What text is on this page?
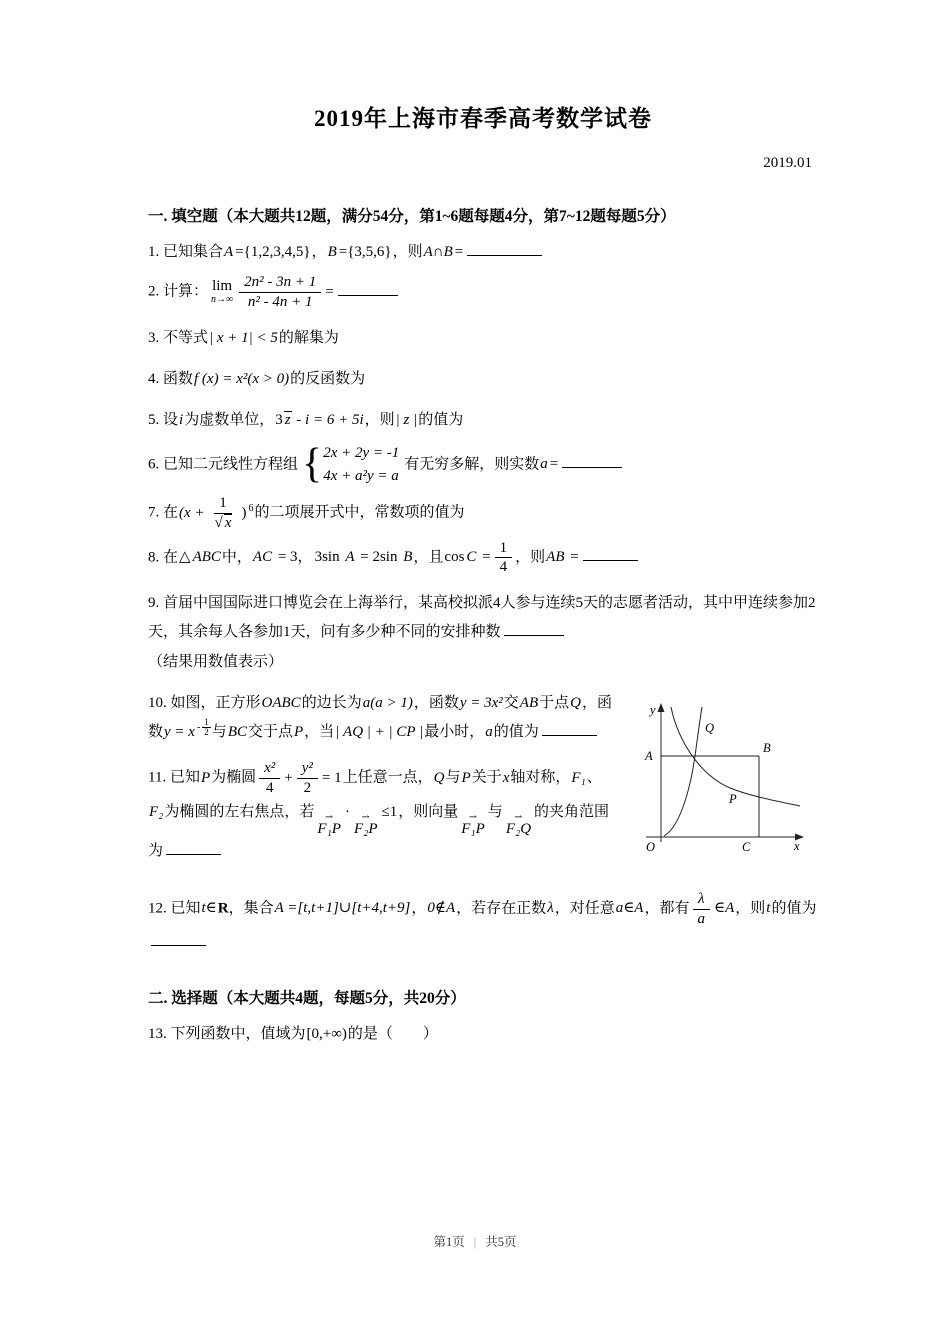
2019年上海市春季高考数学试卷
2019.01
一. 填空题（本大题共12题，满分54分，第1~6题每题4分，第7~12题每题5分）

1. 已知集合A ={1,2,3,4,5}，B ={3,5,6}，则A∩B =

2. 计算： lim
$n\to\infty \frac{\text{2n² - 3n + 1}}{\text{n² - 4n + 1}}$ =

3. 不等式| x + 1| < 5的解集为

4. 函数f (x) = x²(x > 0)的反函数为

5. 设i为虚数单位，3 z - i = 6 + 5i，则| z |的值为

6. 已知二元线性方程组 { 2x + 2y = -1
4x + a²y = a
有无穷多解，则实数a =

7. 在($x + \frac{1}{√ x}$ ) $^6$的二项展开式中，常数项的值为

8. 在△ ABC中，AC = 3， 3sin A = 2sin B，且$\cos C = \frac{1}{4}$ ，则AB =

9. 首届中国国际进口博览会在上海举行，某高校拟派4人参与连续5天的志愿者活动，其中甲连续参加2天，其余每人各参加1天，问有多少种不同的安排种数
（结果用数值表示）

y
x
O
A
B
C
P
Q

10. 如图，正方形OABC的边长为a(a > 1)，函数y = 3x²交AB于点Q，函数y = x $^{- \frac{1}{2}}$ 与BC交于点P，当| AQ | + | CP |最小时，a的值为

11. 已知P为椭圆 $\frac{\text{x²}}{4} + \frac{\text{y²}}{2} = 1$上任意一点，Q与P关于x轴对称，F₁、F₂为椭圆的左右焦点，若 ⇀
F₁P
· ⇀
F₂P
≤1，则向量 ⇀
F₁P
与 ⇀
F₂Q
的夹角范围为

12. 已知t∈R，集合A =[t,t+1]∪[t+4,t+9]，0∉A，若存在正数λ，对任意a∈A，都有 $\frac{\lambda}{a}$ ∈A，则t的值为

二. 选择题（本大题共4题，每题5分，共20分）

13. 下列函数中，值域为[0,+∞)的是（　　）

第1页 | 共5页
